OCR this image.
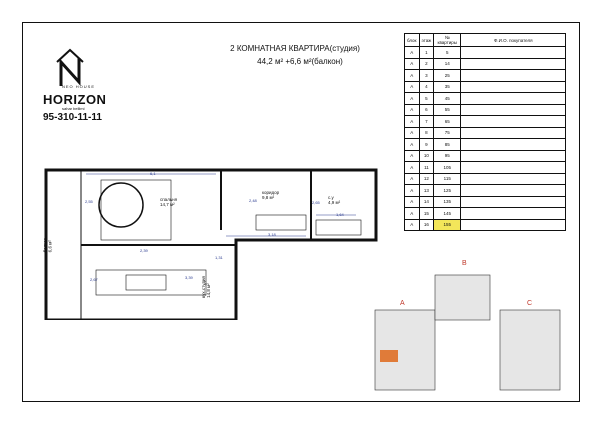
NEO HOUSE
HORIZON
sahar bellimi
95-310-11-11
2 КОМНАТНАЯ КВАРТИРА(студия)
44,2 м² +6,6 м²(балкон)
блок	этаж	№ квартиры	Ф.И.О. покупателя
A	1	5	
A	2	14	
A	3	25	
A	4	35	
A	5	45	
A	6	55	
A	7	65	
A	8	75	
A	9	85	
A	10	95	
A	11	105	
A	12	115	
A	13	125	
A	14	135	
A	15	145	
A	16	155	
спальня
14,7 м²
коридор
9,8 м²	с.у
4,9 м²
кух.студия
14,8 м²
балкон
6,6 м²
6,1
3,18
1,64
2,55	2,48	2,65
2,67
2,39
3,39
1,31
A
B
C
